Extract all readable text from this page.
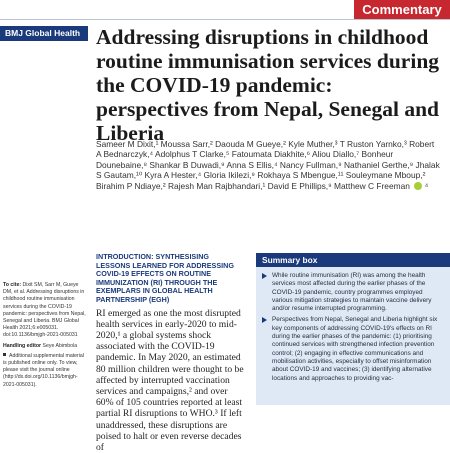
Commentary
BMJ Global Health Addressing disruptions in childhood routine immunisation services during the COVID-19 pandemic: perspectives from Nepal, Senegal and Liberia
Sameer M Dixit,¹ Moussa Sarr,² Daouda M Gueye,² Kyle Muther,³ T Ruston Yarnko,³ Robert A Bednarczyk,⁴ Adolphus T Clarke,⁵ Fatoumata Diakhite,⁶ Aliou Diallo,⁷ Bonheur Dounebaine,⁸ Shankar B Duwadi,⁹ Anna S Ellis,⁴ Nancy Fullman,⁹ Nathaniel Gerthe,⁹ Jhalak S Gautam,¹⁰ Kyra A Hester,⁴ Gloria Ikilezi,⁹ Rokhaya S Mbengue,¹¹ Souleymane Mboup,² Birahim P Ndiaye,² Rajesh Man Rajbhandari,¹ David E Phillips,⁹ Matthew C Freeman ⁴

To cite: Dixit SM, Sarr M, Gueye DM, et al. Addressing disruptions in childhood routine immunisation services during the COVID-19 pandemic: perspectives from Nepal, Senegal and Liberia. BMJ Global Health 2021;6:e005031. doi:10.1136/bmjgh-2021-005031

Handling editor Seye Abimbola

Additional supplemental material is published online only. To view, please visit the journal online (http://dx.doi.org/10.1136/bmjgh-2021-005031).

INTRODUCTION: SYNTHESISING LESSONS LEARNED FOR ADDRESSING COVID-19 EFFECTS ON ROUTINE IMMUNIZATION (RI) THROUGH THE EXEMPLARS IN GLOBAL HEALTH PARTNERSHIP (EGH)

RI emerged as one the most disrupted health services in early-2020 to mid-2020,¹ a global systems shock associated with the COVID-19 pandemic. In May 2020, an estimated 80 million children were thought to be affected by interrupted vaccination services and campaigns,² and over 60% of 105 countries reported at least partial RI disruptions to WHO.³ If left unaddressed, these disruptions are poised to halt or even reverse decades of

Summary box
While routine immunisation (RI) was among the health services most affected during the earlier phases of the COVID-19 pandemic, country programmes employed various mitigation strategies to maintain vaccine delivery and/or resume interrupted programming.
Perspectives from Nepal, Senegal and Liberia highlight six key components of addressing COVID-19's effects on RI during the earlier phases of the pandemic: (1) prioritising continued services with strengthened infection prevention control; (2) engaging in effective communications and mobilisation activities, especially to offset misinformation about COVID-19 and vaccines; (3) identifying alternative locations and approaches to providing vac-
